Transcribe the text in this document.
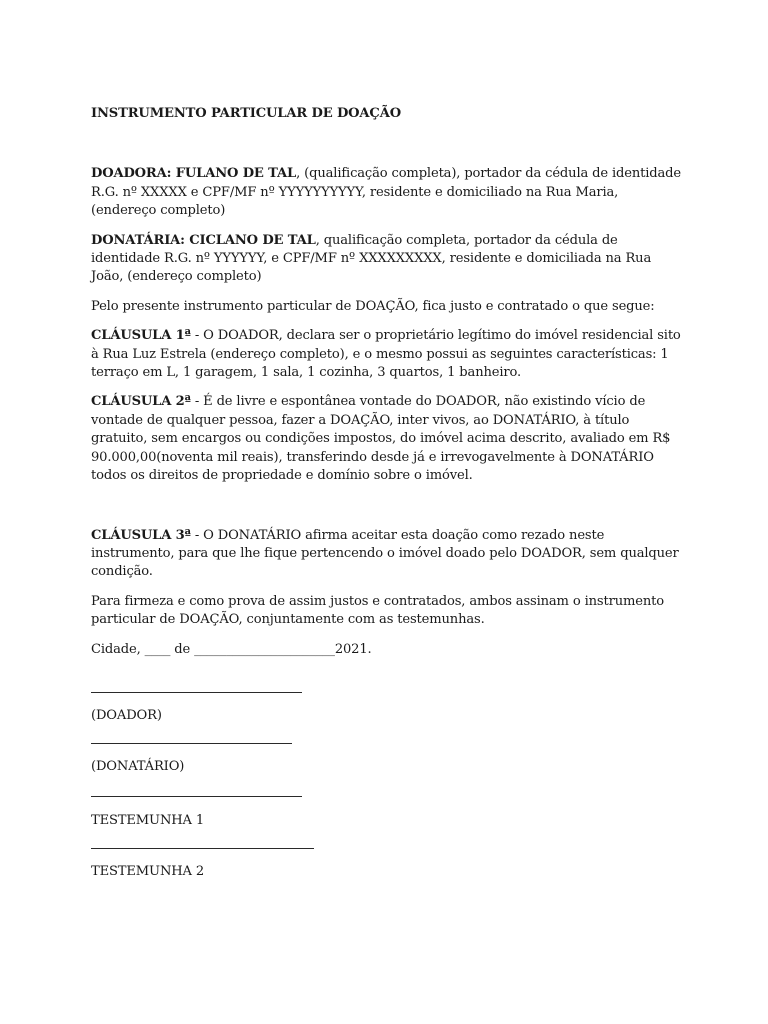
INSTRUMENTO PARTICULAR DE DOAÇÃO

DOADORA: FULANO DE TAL, (qualificação completa), portador da cédula de identidade R.G. nº XXXXX e CPF/MF nº YYYYYYYYYY, residente e domiciliado na Rua Maria, (endereço completo)

DONATÁRIA: CICLANO DE TAL, qualificação completa, portador da cédula de identidade R.G. nº YYYYYY, e CPF/MF nº XXXXXXXXX, residente e domiciliada na Rua João, (endereço completo)

Pelo presente instrumento particular de DOAÇÃO, fica justo e contratado o que segue:

CLÁUSULA 1ª - O DOADOR, declara ser o proprietário legítimo do imóvel residencial sito à Rua Luz Estrela (endereço completo), e o mesmo possui as seguintes características: 1 terraço em L, 1 garagem, 1 sala, 1 cozinha, 3 quartos, 1 banheiro.

CLÁUSULA 2ª - É de livre e espontânea vontade do DOADOR, não existindo vício de vontade de qualquer pessoa, fazer a DOAÇÃO, inter vivos, ao DONATÁRIO, à título gratuito, sem encargos ou condições impostos, do imóvel acima descrito, avaliado em R$ 90.000,00(noventa mil reais), transferindo desde já e irrevogavelmente à DONATÁRIO todos os direitos de propriedade e domínio sobre o imóvel.

CLÁUSULA 3ª - O DONATÁRIO afirma aceitar esta doação como rezado neste instrumento, para que lhe fique pertencendo o imóvel doado pelo DOADOR, sem qualquer condição.

Para firmeza e como prova de assim justos e contratados, ambos assinam o instrumento particular de DOAÇÃO, conjuntamente com as testemunhas.

Cidade, ____ de ______________________2021.

(DOADOR)

(DONATÁRIO)

TESTEMUNHA 1

TESTEMUNHA 2
